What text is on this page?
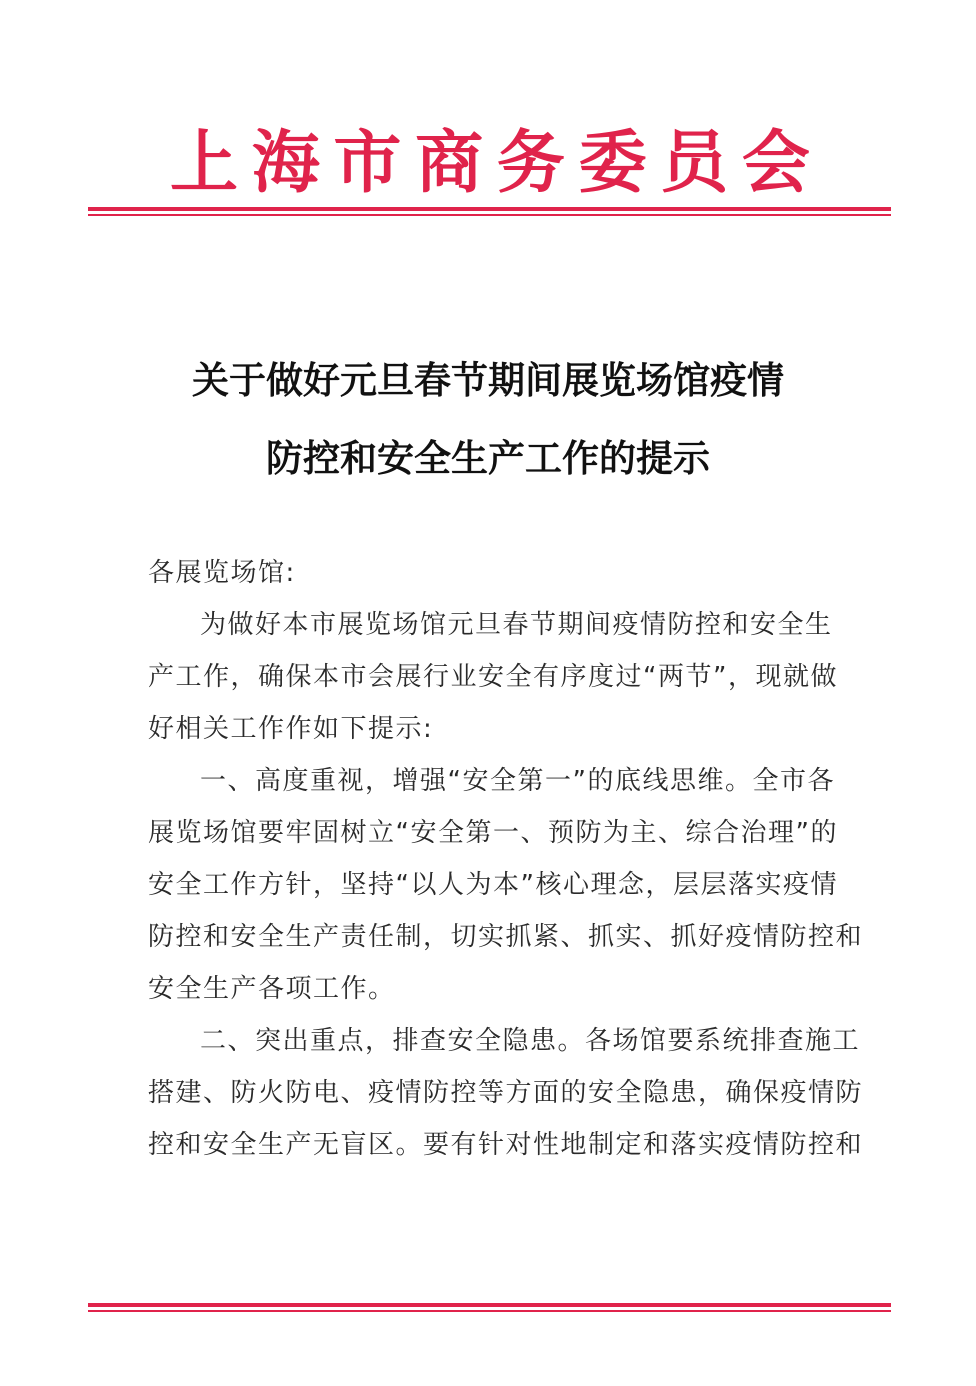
上 海 市 商 务 委 员 会
关于做好元旦春节期间展览场馆疫情
防控和安全生产工作的提示
各展览场馆:
为做好本市展览场馆元旦春节期间疫情防控和安全生
产工作，确保本市会展行业安全有序度过“两节”，现就做
好相关工作作如下提示:
一、高度重视，增强“安全第一”的底线思维。全市各
展览场馆要牢固树立“安全第一、预防为主、综合治理”的
安全工作方针，坚持“以人为本”核心理念，层层落实疫情
防控和安全生产责任制，切实抓紧、抓实、抓好疫情防控和
安全生产各项工作。
二、突出重点，排查安全隐患。各场馆要系统排查施工
搭建、防火防电、疫情防控等方面的安全隐患，确保疫情防
控和安全生产无盲区。要有针对性地制定和落实疫情防控和
